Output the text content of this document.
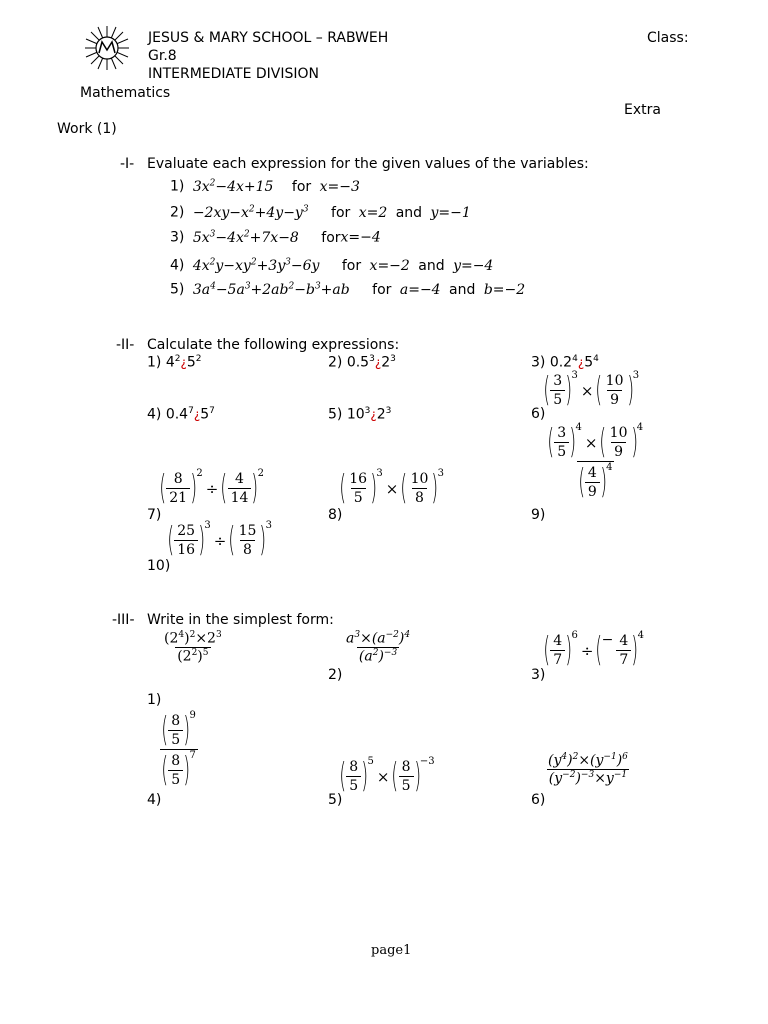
JESUS & MARY SCHOOL – RABWEH
Gr.8
INTERMEDIATE DIVISION
Class:
Mathematics
Extra
Work (1)
-I- Evaluate each expression for the given values of the variables:
1) $3x^2-4x+15$ for x=−3
$2) -2xy-x^2+4y-y^3$ for x=2 and y=−1
3) $5x^3-4x^2+7x-8$ forx=−4
4) $4x^2y-xy^2+3y^3-6y$ for x=−2 and y=−4
5) $3a^4-5a^3+2ab^2-b^3+ab$ for a=−4 and b=−2
-II- Calculate the following expressions:
1) $4^2¿5^2$	2) $0.5^3¿2^3$	3) $0.2^4¿5^4$
4) $0.4^7¿5^7$	5) $10^3¿2^3$	6)
( 3
5 ) 3
× ( 10
9 ) 3
7)
( 8
21 ) 2
÷ ( 4
14 ) 2
8)
( 16
5 ) 3
× ( 10
8 ) 3
9)
( 3
5 ) 4
× ( 10
9 ) 4
( 4
9 ) 4
10)
( 25
16 ) 3
÷ ( 15
8 ) 3
-III- Write in the simplest form:
$\frac{(2^4)^2\times 2^3}{(2^2)^5}$
1)
2)
$\frac{a^3\times(a^{-2})^4}{(a^2)^{-3}}$
3)
( 4
7 ) 6
÷ ( − $\frac{4}{7}$ ) 4
4)
( 8
5 ) 9
( 8
5 ) 7
5)
( 8
5 ) 5
× ( 8
5 ) −3
6)
$\frac{(y^4)^2\times(y^{-1})^6}{(y^{-2})^{-3}\times y^{-1}}$
page1
